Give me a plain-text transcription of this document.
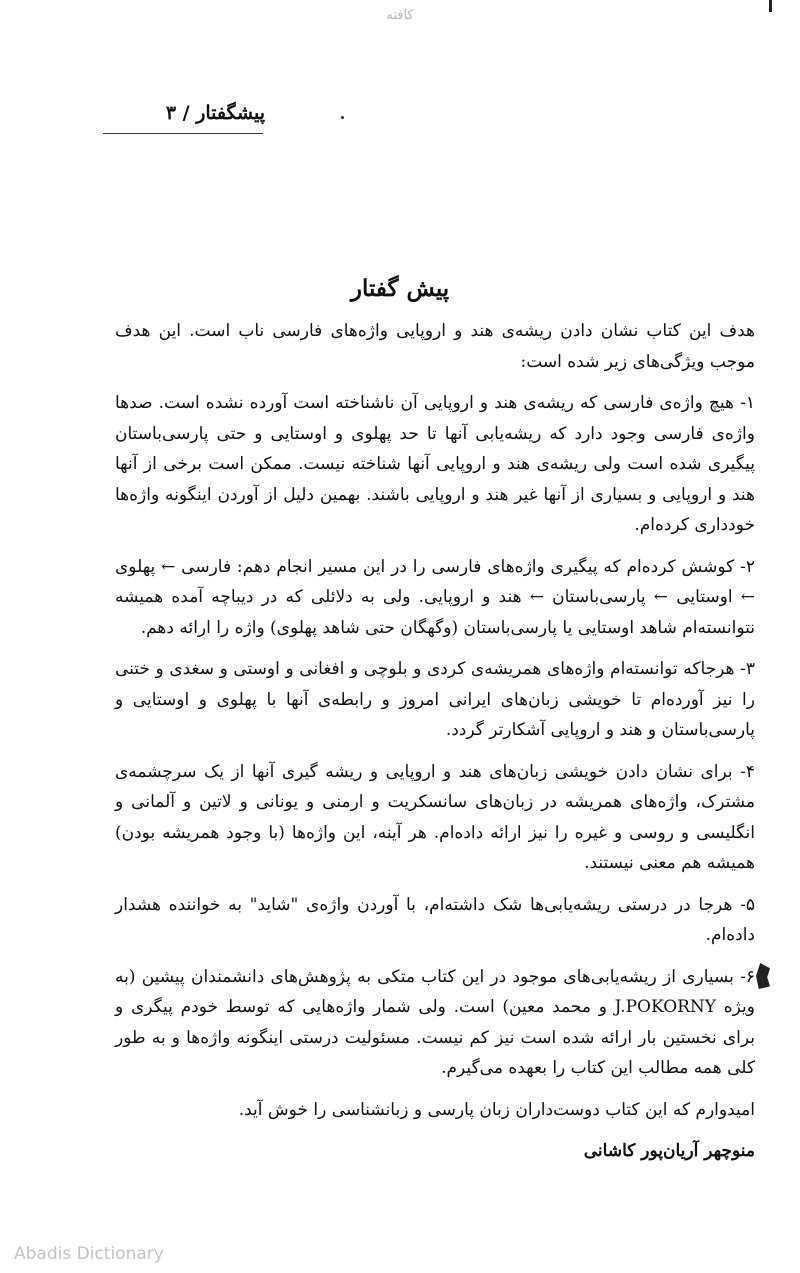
کافته
پیشگفتار / ۳
پیش گفتار

هدف این کتاب نشان دادن ریشه‌ی هند و اروپایی واژه‌های فارسی ناب است. این هدف موجب ویژگی‌های زیر شده است:

۱- هیچ واژه‌ی فارسی که ریشه‌ی هند و اروپایی آن ناشناخته است آورده نشده است. صدها واژه‌ی فارسی وجود دارد که ریشه‌یابی آنها تا حد پهلوی و اوستایی و حتی پارسی‌باستان پیگیری شده است ولی ریشه‌ی هند و اروپایی آنها شناخته نیست. ممکن است برخی از آنها هند و اروپایی و بسیاری از آنها غیر هند و اروپایی باشند. بهمین دلیل از آوردن اینگونه واژه‌ها خودداری کرده‌ام.

۲- کوشش کرده‌ام که پیگیری واژه‌های فارسی را در این مسیر انجام دهم: فارسی ← پهلوی ← اوستایی ← پارسی‌باستان ← هند و اروپایی. ولی به دلائلی که در دیباچه آمده همیشه نتوانسته‌ام شاهد اوستایی یا پارسی‌باستان (وگهگان حتی شاهد پهلوی) واژه را ارائه دهم.

۳- هرجاکه توانسته‌ام واژه‌های همریشه‌ی کردی و بلوچی و افغانی و اوستی و سغدی و ختنی را نیز آورده‌ام تا خویشی زبان‌های ایرانی امروز و رابطه‌ی آنها با پهلوی و اوستایی و پارسی‌باستان و هند و اروپایی آشکارتر گردد.

۴- برای نشان دادن خویشی زبان‌های هند و اروپایی و ریشه گیری آنها از یک سرچشمه‌ی مشترک، واژه‌های همریشه در زبان‌های سانسکریت و ارمنی و یونانی و لاتین و آلمانی و انگلیسی و روسی و غیره را نیز ارائه داده‌ام. هر آینه، این واژه‌ها (با وجود همریشه بودن) همیشه هم معنی نیستند.

۵- هرجا در درستی ریشه‌یابی‌ها شک داشته‌ام، با آوردن واژه‌ی "شاید" به خواننده هشدار داده‌ام.

۶- بسیاری از ریشه‌یابی‌های موجود در این کتاب متکی به پژوهش‌های دانشمندان پیشین (به ویژه J.POKORNY و محمد معین) است. ولی شمار واژه‌هایی که توسط خودم پیگری و برای نخستین بار ارائه شده است نیز کم نیست. مسئولیت درستی اینگونه واژه‌ها و به طور کلی همه مطالب این کتاب را بعهده می‌گیرم.

امیدوارم که این کتاب دوست‌داران زبان پارسی و زبانشناسی را خوش آید.

منوچهر آریان‌پور کاشانی
Abadis Dictionary
